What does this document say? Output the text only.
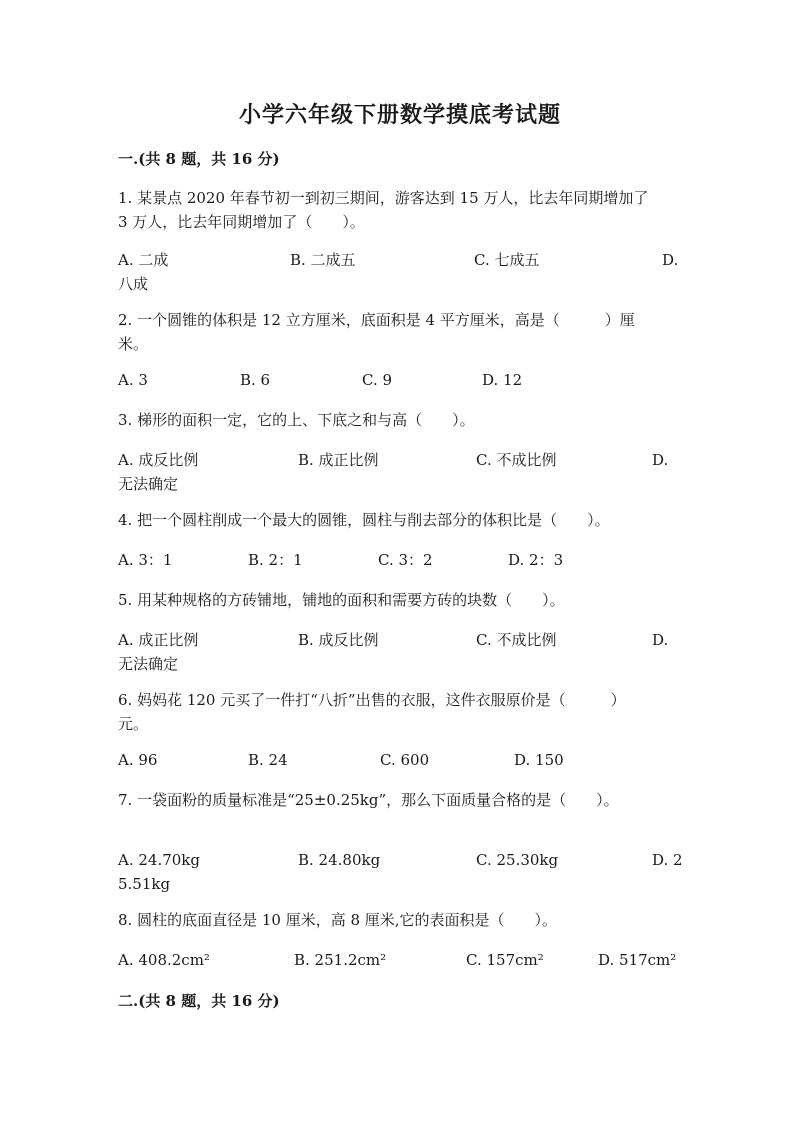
小学六年级下册数学摸底考试题
一.(共 8 题，共 16 分)
1. 某景点 2020 年春节初一到初三期间，游客达到 15 万人，比去年同期增加了
3 万人，比去年同期增加了（　　）。
A. 二成	B. 二成五	C. 七成五	D.
八成
2. 一个圆锥的体积是 12 立方厘米，底面积是 4 平方厘米，高是（　　　）厘
米。
A. 3	B. 6	C. 9	D. 12
3. 梯形的面积一定，它的上、下底之和与高（　　）。
A. 成反比例	B. 成正比例	C. 不成比例	D.
无法确定
4. 把一个圆柱削成一个最大的圆锥，圆柱与削去部分的体积比是（　　）。
A. 3：1	B. 2：1	C. 3：2	D. 2：3
5. 用某种规格的方砖铺地，铺地的面积和需要方砖的块数（　　）。
A. 成正比例	B. 成反比例	C. 不成比例	D.
无法确定
6. 妈妈花 120 元买了一件打“八折”出售的衣服，这件衣服原价是（　　　）
元。
A. 96	B. 24	C. 600	D. 150
7. 一袋面粉的质量标准是“25±0.25kg”，那么下面质量合格的是（　　）。
A. 24.70kg	B. 24.80kg	C. 25.30kg	D. 2
5.51kg
8. 圆柱的底面直径是 10 厘米，高 8 厘米,它的表面积是（　　）。
A. 408.2cm²	B. 251.2cm²	C. 157cm²	D. 517cm²
二.(共 8 题，共 16 分)
